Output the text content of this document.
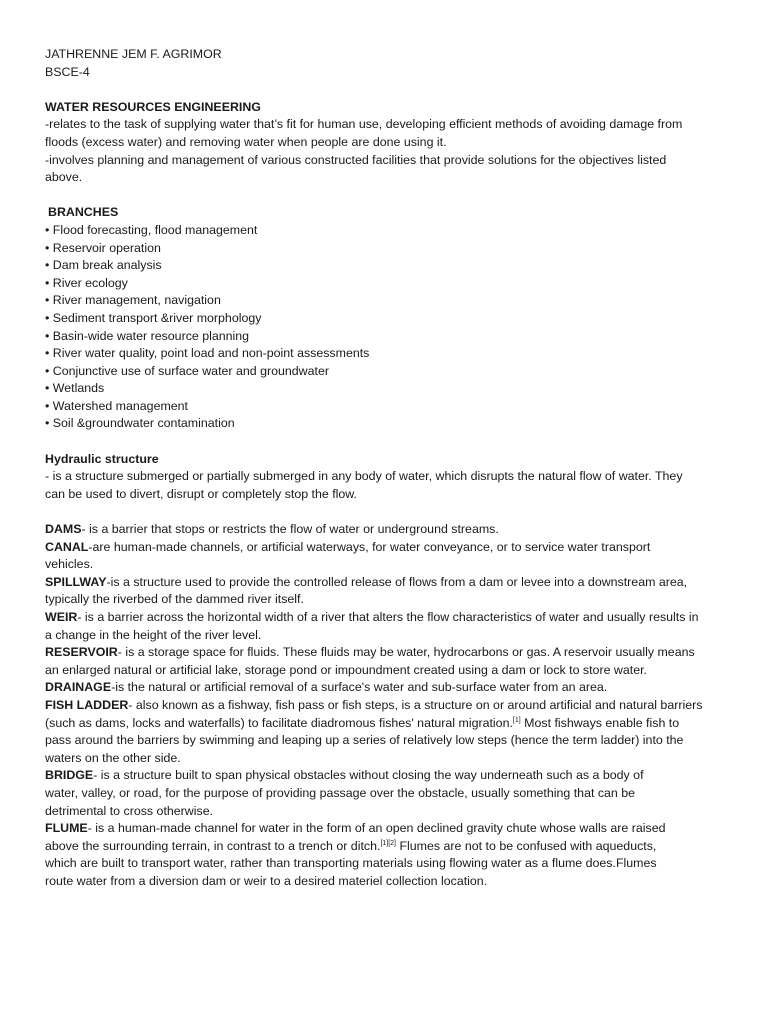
JATHRENNE JEM F. AGRIMOR
BSCE-4
WATER RESOURCES ENGINEERING
-relates to the task of supplying water that’s fit for human use, developing efficient methods of avoiding damage from
floods (excess water) and removing water when people are done using it.
-involves planning and management of various constructed facilities that provide solutions for the objectives listed
above.
BRANCHES
• Flood forecasting, flood management
• Reservoir operation
• Dam break analysis
• River ecology
• River management, navigation
• Sediment transport &river morphology
• Basin-wide water resource planning
• River water quality, point load and non-point assessments
• Conjunctive use of surface water and groundwater
• Wetlands
• Watershed management
• Soil &groundwater contamination
Hydraulic structure
- is a structure submerged or partially submerged in any body of water, which disrupts the natural flow of water. They
can be used to divert, disrupt or completely stop the flow.
DAMS- is a barrier that stops or restricts the flow of water or underground streams.
CANAL-are human-made channels, or artificial waterways, for water conveyance, or to service water transport
vehicles.
SPILLWAY-is a structure used to provide the controlled release of flows from a dam or levee into a downstream area,
typically the riverbed of the dammed river itself.
WEIR- is a barrier across the horizontal width of a river that alters the flow characteristics of water and usually results in
a change in the height of the river level.
RESERVOIR- is a storage space for fluids. These fluids may be water, hydrocarbons or gas. A reservoir usually means
an enlarged natural or artificial lake, storage pond or impoundment created using a dam or lock to store water.
DRAINAGE-is the natural or artificial removal of a surface's water and sub-surface water from an area.
FISH LADDER- also known as a fishway, fish pass or fish steps, is a structure on or around artificial and natural barriers
(such as dams, locks and waterfalls) to facilitate diadromous fishes' natural migration.[1] Most fishways enable fish to
pass around the barriers by swimming and leaping up a series of relatively low steps (hence the term ladder) into the
waters on the other side.
BRIDGE- is a structure built to span physical obstacles without closing the way underneath such as a body of
water, valley, or road, for the purpose of providing passage over the obstacle, usually something that can be
detrimental to cross otherwise.
FLUME- is a human-made channel for water in the form of an open declined gravity chute whose walls are raised
above the surrounding terrain, in contrast to a trench or ditch.[1][2] Flumes are not to be confused with aqueducts,
which are built to transport water, rather than transporting materials using flowing water as a flume does.Flumes
route water from a diversion dam or weir to a desired materiel collection location.
